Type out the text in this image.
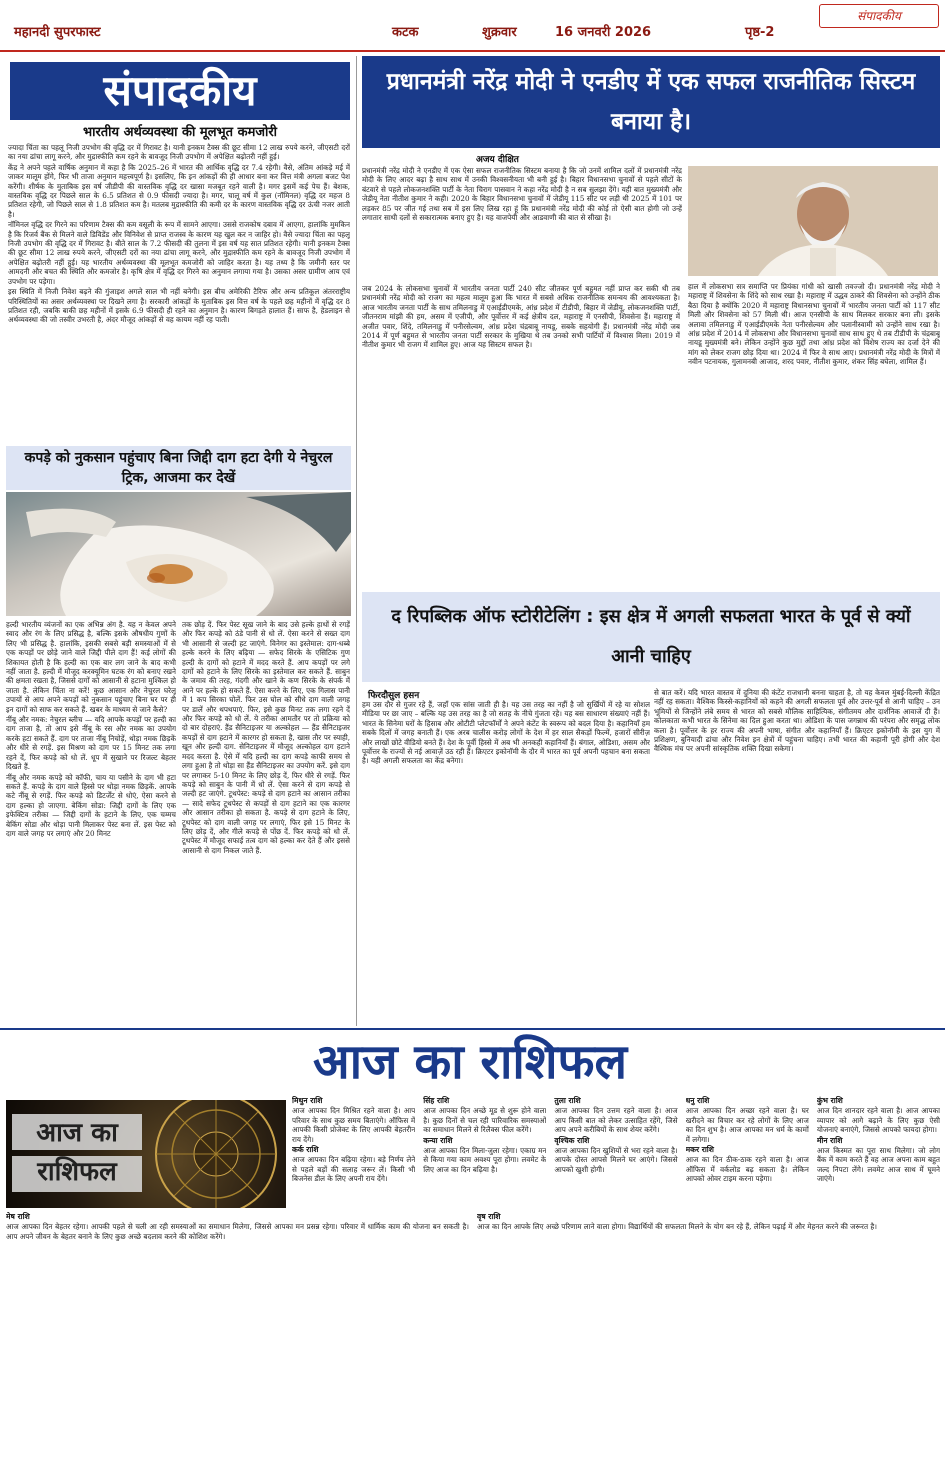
महानदी सुपरफास्ट	कटक	शुक्रवार	16 जनवरी 2026	पृष्ठ-2
संपादकीय
संपादकीय
भारतीय अर्थव्यवस्था की मूलभूत कमजोरी

ज्यादा चिंता का पहलू निजी उपभोग की वृद्धि दर में गिरावट है। यानी इनकम टैक्स की छूट सीमा 12 लाख रुपये करने, जीएसटी दरों का नया ढांचा लागू करने, और मुद्रास्फीति कम रहने के बावजूद निजी उपभोग में अपेक्षित बढ़ोतरी नहीं हुई।

केंद्र ने अपने पहले वार्षिक अनुमान में कहा है कि 2025–26 में भारत की आर्थिक वृद्धि दर 7.4 रहेगी। वैसे, अंतिम आंकड़े मई में जाकर मालूम होंगे, फिर भी ताजा अनुमान महत्त्वपूर्ण है। इसलिए, कि इन आंकड़ों की ही आधार बना कर वित्त मंत्री अगला बजट पेश करेंगी। शीर्षक के मुताबिक इस वर्ष जीडीपी की वास्तविक वृद्धि दर खासा मजबूत रहने वाली है। मगर इसमें कई पेच हैं। बेशक, वास्तविक वृद्धि दर पिछले साल के 6.5 प्रतिशत से 0.9 फीसदी ज्यादा है। मगर, चालू वर्ष में कुल (नॉमिनल) वृद्धि दर महज 8 प्रतिशत रहेगी, जो पिछले साल से 1.8 प्रतिशत कम है। मतलब मुद्रास्फीति की कमी दर के कारण वास्तविक वृद्धि दर ऊंची नजर आती है।

नॉमिनल वृद्धि दर गिरने का परिणाम टैक्स की कम वसूली के रूप में सामने आएगा। उससे राजकोष दबाव में आएगा, हालांकि मुमकिन है कि रिजर्व बैंक से मिलने वाले डिविडेंड और विनिवेश से प्राप्त राजस्व के कारण यह खुल कर न जाहिर हो। वैसे ज्यादा चिंता का पहलू निजी उपभोग की वृद्धि दर में गिरावट है। बीते साल के 7.2 फीसदी की तुलना में इस वर्ष यह सात प्रतिशत रहेगी। यानी इनकम टैक्स की छूट सीमा 12 लाख रुपये करने, जीएसटी दरों का नया ढांचा लागू करने, और मुद्रास्फीति कम रहने के बावजूद निजी उपभोग में अपेक्षित बढ़ोतरी नहीं हुई। यह भारतीय अर्थव्यवस्था की मूलभूत कमजोरी को जाहिर करता है। यह तथ्य है कि जमीनी स्तर पर आमदनी और बचत की स्थिति और कमजोर है। कृषि क्षेत्र में वृद्धि दर गिरने का अनुमान लगाया गया है। उसका असर ग्रामीण आय एवं उपभोग पर पड़ेगा।

इस स्थिति में निजी निवेश बढ़ने की गुंजाइश अगले साल भी नहीं बनेगी। इस बीच अमेरिकी टैरिफ और अन्य प्रतिकूल अंतरराष्ट्रीय परिस्थितियों का असर अर्थव्यवस्था पर दिखने लगा है। सरकारी आंकड़ों के मुताबिक इस वित्त वर्ष के पहले छह महीनों में वृद्धि दर 8 प्रतिशत रही, जबकि बाकी छह महीनों में इसके 6.9 फीसदी ही रहने का अनुमान है। कारण बिगड़ते हालात हैं। साफ है, हेडलाइन से अर्थव्यवस्था की जो तस्वीर उभरती है, अंदर मौजूद आंकड़ों से वह कायम नहीं रह पाती।

कपड़े को नुकसान पहुंचाए बिना जिद्दी दाग हटा देगी ये नेचुरल ट्रिक, आजमा कर देखें

हल्दी भारतीय व्यंजनों का एक अभिन्न अंग है. यह न केवल अपने स्वाद और रंग के लिए प्रसिद्ध है, बल्कि इसके औषधीय गुणों के लिए भी प्रसिद्ध है. हालांकि, इसकी सबसे बड़ी समस्याओं में से एक कपड़ों पर छोड़े जाने वाले जिद्दी पीले दाग हैं! कई लोगों की शिकायत होती है कि हल्दी का एक बार लग जाने के बाद कभी नहीं जाता है. हल्दी में मौजूद करक्यूमिन घटक रंग को बनाए रखने की क्षमता रखता है, जिससे दागों को आसानी से हटाना मुश्किल हो जाता है. लेकिन चिंता ना करें! कुछ आसान और नेचुरल घरेलू उपायों से आप अपने कपड़ों को नुकसान पहुंचाए बिना घर पर ही इन दागों को साफ कर सकते हैं. खबर के माध्यम से जाने कैसे?

नींबू और नमक: नेचुरल ब्लीच — यदि आपके कपड़ों पर हल्दी का दाग ताजा है, तो आप इसे नींबू के रस और नमक का उपयोग करके हटा सकते हैं. दाग पर ताजा नींबू निचोड़ें, थोड़ा नमक छिड़कें और धीरे से रगड़ें. इस मिश्रण को दाग पर 15 मिनट तक लगा रहने दें, फिर कपड़े को धो लें. धूप में सुखाने पर रिजल्ट बेहतर दिखते हैं.

नींबू और नमक कपड़े को कॉफी, चाय या पसीने के दाग भी हटा सकते हैं. कपड़े के दाग वाले हिस्से पर थोड़ा नमक छिड़कें. आपके कटे नींबू से रगड़ें. फिर कपड़े को डिटर्जेंट से धोएं, ऐसा करने से दाग हल्का हो जाएगा. बेकिंग सोडा: जिद्दी दागों के लिए एक इफेक्टिव तरीका — जिद्दी दागों के हटाने के लिए, एक चम्मच बेकिंग सोडा और थोड़ा पानी मिलाकर पेस्ट बना लें. इस पेस्ट को दाग वाले जगह पर लगाएं और 20 मिनट

तक छोड़ दें. फिर पेस्ट सूख जाने के बाद उसे हल्के हाथों से रगड़ें और फिर कपड़े को ठंडे पानी से धो लें. ऐसा करने से सख्त दाग भी आसानी से जल्दी हट जाएंगे. विनेगर का इस्तेमाल: दाग-धब्बे हल्के करने के लिए बढ़िया — सफेद सिरके के एसिटिक गुण हल्दी के दागों को हटाने में मदद करते हैं. आप कपड़ों पर लगे दागों को हटाने के लिए सिरके का इस्तेमाल कर सकते हैं. साबुन के जमाव की तरह, गंदगी और खाने के कण सिरके के संपर्क में आने पर हल्के हो सकते हैं. ऐसा करने के लिए, एक गिलास पानी में 1 कप सिरका घोलें. फिर उस घोल को सीधे दाग वाली जगह पर डालें और थपथपाएं. फिर, इसे कुछ मिनट तक लगा रहने दें और फिर कपड़े को धो लें. ये तरीका आमतौर पर तो प्रक्रिया को दो बार दोहराएं. हैंड सैनिटाइजर या अल्कोहल — हैंड सैनिटाइजर कपड़ों से दाग हटाने में कारगर हो सकता है, खास तौर पर स्याही, खून और हल्दी दाग. सेनिटाइजर में मौजूद अल्कोहल दाग हटाने मदद करता है. ऐसे में यदि हल्दी का दाग कपड़े काफी समय से लगा हुआ है तो थोड़ा सा हैंड सैनिटाइजर का उपयोग करें. इसे दाग पर लगाकर 5-10 मिनट के लिए छोड़ दें, फिर धीरे से रगड़ें. फिर कपड़े को साबुन के पानी में धो लें. ऐसा करने से दाग कपड़े से जल्दी हट जाएंगे. टूथपेस्ट: कपड़े से दाग हटाने का आसान तरीका — सादे सफेद टूथपेस्ट से कपड़ों से दाग हटाने का एक कारगर और आसान तरीका हो सकता है. कपड़े से दाग हटाने के लिए, टूथपेस्ट को दाग वाली जगह पर लगाएं, फिर इसे 15 मिनट के लिए छोड़ दें, और गीले कपड़े से पोंछ दें. फिर कपड़े को धो लें. टूथपेस्ट में मौजूद सफाई तत्व दाग को हल्का कर देते हैं और इससे आसानी से दाग निकल जाते हैं.

प्रधानमंत्री नरेंद्र मोदी ने एनडीए में एक सफल राजनीतिक सिस्टम बनाया है।
अजय दीक्षित
प्रधानमंत्री नरेंद्र मोदी ने एनडीए में एक ऐसा सफल राजनीतिक सिस्टम बनाया है कि जो उनमें शामिल दलों में प्रधानमंत्री नरेंद्र मोदी के लिए आदर बढ़ा है साथ साथ में उनकी विश्वसनीयता भी बनी हुई है। बिहार विधानसभा चुनावों से पहले सीटों के बंटवारे से पहले लोकजनशक्ति पार्टी के नेता चिराग पासवान ने कहा नरेंद्र मोदी है न सब सुलझा देंगे। यही बात मुख्यमंत्री और जेडीयू नेता नीतीश कुमार ने कही। 2020 के बिहार विधानसभा चुनावों में जेडीयू 115 सीट पर लड़ी थी 2025 में 101 पर लड़कर 85 पर जीत गई तथा सब में इस लिए लिख रहा हूं कि प्रधानमंत्री नरेंद्र मोदी की कोई तो ऐसी बात होगी जो उन्हें लगातार साथी दलों से सकारात्मक बनाए हुए है। यह वाजपेयी और आडवाणी की बात से सीखा है।
जब 2024 के लोकसभा चुनावों में भारतीय जनता पार्टी 240 सीट जीतकर पूर्ण बहुमत नहीं प्राप्त कर सकी थी तब प्रधानमंत्री नरेंद्र मोदी को राजग का महत्व मालूम हुआ कि भारत में सबसे अधिक राजनीतिक समन्वय की आवश्यकता है। आज भारतीय जनता पार्टी के साथ तमिलनाडु में एआईडीएमके, आंध्र प्रदेश में टीडीपी, बिहार में जेडीयू, लोकजनशक्ति पार्टी, जीतनराम मांझी की हम, असम में एजीपी, और पूर्वोत्तर में कई क्षेत्रीय दल, महाराष्ट्र में एनसीपी, शिवसेना हैं। महाराष्ट्र में अजीत पवार, शिंदे, तमिलनाडु में पनीरसेल्वम, आंध्र प्रदेश चंद्रबाबू नायडू, सबके सहयोगी हैं। प्रधानमंत्री नरेंद्र मोदी जब 2014 में पूर्ण बहुमत से भारतीय जनता पार्टी सरकार के मुखिया थे तब उनको सभी पार्टियों में विश्वास मिला। 2019 में नीतीश कुमार भी राजग में शामिल हुए। आज यह सिस्टम सफल है।
हाल में लोकसभा सत्र समाप्ति पर प्रियंका गांधी को खासी तवज्जो दी। प्रधानमंत्री नरेंद्र मोदी ने महाराष्ट्र में शिवसेना के शिंदे को साथ रखा है। महाराष्ट्र में उद्धव ठाकरे की शिवसेना को उन्होंने ठीक बैठा दिया है क्योंकि 2020 में महाराष्ट्र विधानसभा चुनावों में भारतीय जनता पार्टी को 117 सीट मिली और शिवसेना को 57 मिली थी। आज एनसीपी के साथ मिलकर सरकार बना ली। इसके अलावा तमिलनाडु में एआईडीएमके नेता पनीरसेल्वम और पलानीस्वामी को उन्होंने साथ रखा है। आंध्र प्रदेश में 2014 में लोकसभा और विधानसभा चुनावों साथ साथ हुए थे तब टीडीपी के चंद्रबाबू नायडू मुख्यमंत्री बने। लेकिन उन्होंने कुछ मुद्दों तथा आंध्र प्रदेश को विशेष राज्य का दर्जा देने की मांग को लेकर राजग छोड़ दिया था। 2024 में फिर वे साथ आए। प्रधानमंत्री नरेंद्र मोदी के मित्रों में नवीन पटनायक, गुलामनबी आजाद, शरद पवार, नीतीश कुमार, शंकर सिंह बघेला, शामिल हैं।
द रिपब्लिक ऑफ स्टोरीटेलिंग : इस क्षेत्र में अगली सफलता भारत के पूर्व से क्यों आनी चाहिए
फिरदौसुल हसन
हम उस दौर से गुजर रहे हैं, जहाँ एक सांस जाती ही है। यह उस तरह का नहीं है जो सुर्खियों में रहे या सोशल मीडिया पर छा जाए – बल्कि यह उस तरह का है जो सतह के नीचे गुंजता रहे। यह बस साधारण संख्याएं नहीं हैं। भारत के सिनेमा घरों के हिसाब और ओटीटी प्लेटफॉर्मों ने अपने कंटेंट के स्वरूप को बदल दिया है। कहानियाँ हम सबके दिलों में जगह बनाती हैं। एक अरब चालीस करोड़ लोगों के देश में हर साल सैकड़ों फिल्में, हजारों सीरीज़ और लाखों छोटे वीडियो बनते हैं। देश के पूर्वी हिस्से में अब भी अनकही कहानियाँ हैं। बंगाल, ओडिशा, असम और पूर्वोत्तर के राज्यों से नई आवाज़ें उठ रही हैं। क्रिएटर इकोनॉमी के दौर में भारत का पूर्व अपनी पहचान बना सकता है। यही अगली सफलता का केंद्र बनेगा।
से बात करें। यदि भारत वास्तव में दुनिया की कंटेंट राजधानी बनना चाहता है, तो यह केवल मुंबई-दिल्ली केंद्रित नहीं रह सकता। वैश्विक किस्से-कहानियों को कहने की अगली सफलता पूर्व और उत्तर-पूर्व से आनी चाहिए – उन भूमियों से जिन्होंने लंबे समय से भारत को सबसे मौलिक साहित्यिक, संगीतमय और दार्शनिक आवाजें दी हैं। कोलकाता कभी भारत के सिनेमा का दिल हुआ करता था। ओडिशा के पास जगन्नाथ की परंपरा और समृद्ध लोक कला है। पूर्वोत्तर के हर राज्य की अपनी भाषा, संगीत और कहानियाँ हैं। क्रिएटर इकोनॉमी के इस युग में प्रशिक्षण, बुनियादी ढांचा और निवेश इन क्षेत्रों में पहुंचना चाहिए। तभी भारत की कहानी पूरी होगी और देश वैश्विक मंच पर अपनी सांस्कृतिक शक्ति दिखा सकेगा।
आज का राशिफल
आज का राशिफल

मेष राशि

आज आपका दिन बेहतर रहेगा। आपकी पहले से चली आ रही समस्याओं का समाधान मिलेगा, जिससे आपका मन प्रसन्न रहेगा। परिवार में धार्मिक काम की योजना बन सकती है। आप अपने जीवन के बेहतर बनाने के लिए कुछ अच्छे बदलाव करने की कोशिश करेंगे।

वृष राशि

आज का दिन आपके लिए अच्छे परिणाम लाने वाला होगा। विद्यार्थियों की सफलता मिलने के योग बन रहे हैं, लेकिन पढ़ाई में और मेहनत करने की जरूरत है।

मिथुन राशि

आज आपका दिन मिश्रित रहने वाला है। आप परिवार के साथ कुछ समय बिताएंगे। ऑफिस में आपकी किसी प्रोजेक्ट के लिए आपकी बेहतरीन राय देंगे।

कर्क राशि

आज आपका दिन बढ़िया रहेगा। बड़े निर्णय लेने से पहले बड़ों की सलाह जरूर लें। किसी भी बिजनेस डील के लिए अपनी राय देंगे।

सिंह राशि

आज आपका दिन अच्छे मूड से शुरू होने वाला है। कुछ दिनों से चल रही पारिवारिक समस्याओं का समाधान मिलने से रिलैक्स फील करेंगे।

कन्या राशि

आज आपका दिन मिला-जुला रहेगा। एकाग्र मन से किया गया काम अवश्य पूरा होगा। लवमेट के लिए आज का दिन बढ़िया है।

तुला राशि

आज आपका दिन उत्तम रहने वाला है। आज आप किसी बात को लेकर उत्साहित रहेंगे, जिसे आप अपने करीबियों के साथ शेयर करेंगे।

वृश्चिक राशि

आज आपका दिन खुशियों से भरा रहने वाला है। आपके दोस्त आपसे मिलने घर आएंगे। जिससे आपको खुशी होगी।

धनु राशि

आज आपका दिन अच्छा रहने वाला है। घर खरीदने का विचार कर रहे लोगों के लिए आज का दिन शुभ है। आज आपका मन धर्म के कामों में लगेगा।

मकर राशि

आज का दिन ठीक-ठाक रहने वाला है। आज ऑफिस में वर्कलोड बढ़ सकता है। लेकिन आपको ओवर टाइम करना पड़ेगा।

कुंभ राशि

आज दिन शानदार रहने वाला है। आज आपका व्यापार को आगे बढ़ाने के लिए कुछ ऐसी योजनाएं बनाएंगे, जिससे आपको फायदा होगा।

मीन राशि

आज किस्मत का पूरा साथ मिलेगा। जो लोग बैंक में काम करते हैं वह आज अपना काम बहुत जल्द निपटा लेंगे। लवमेट आज साथ में घूमने जाएंगे।
